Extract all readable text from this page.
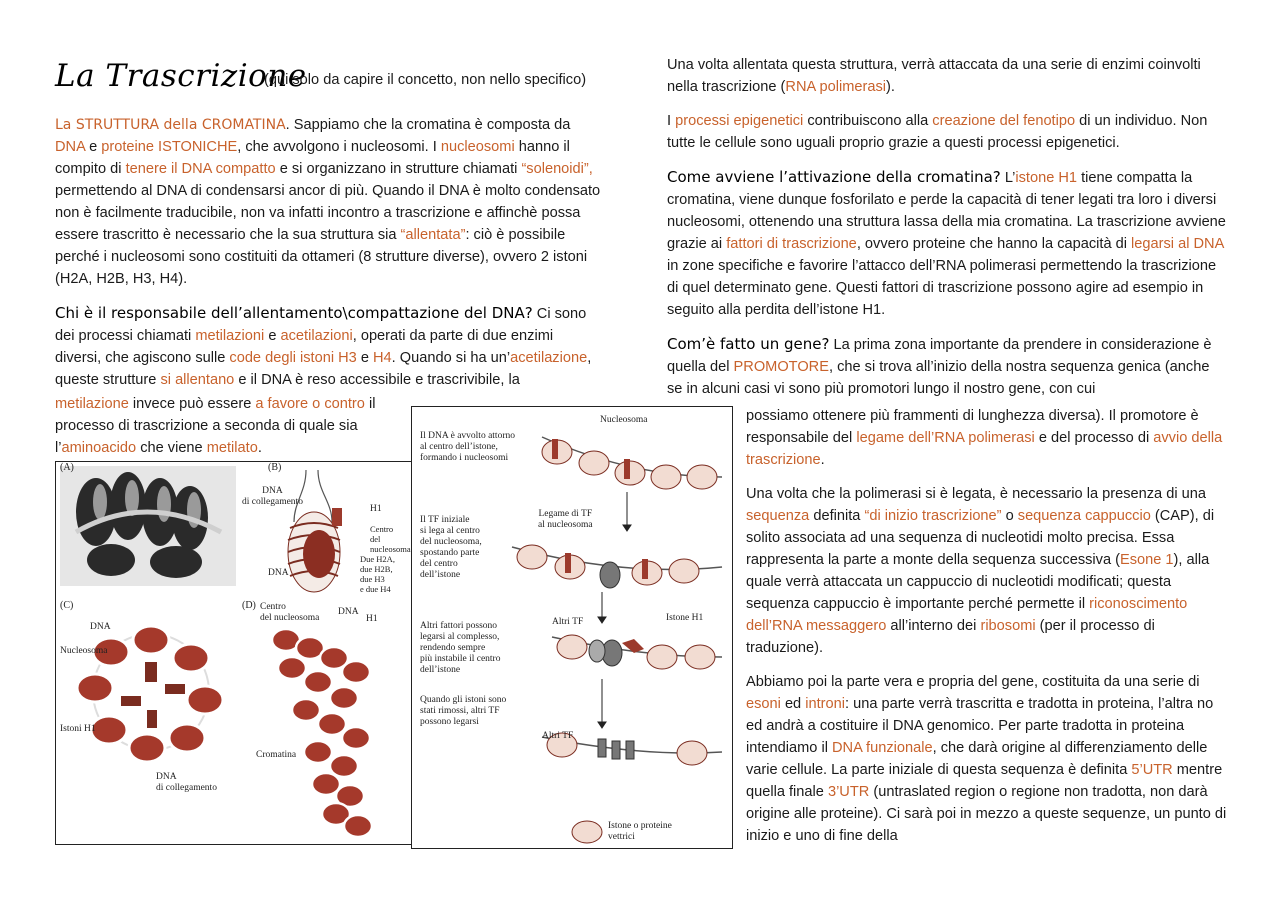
La Trascrizione
(qui solo da capire il concetto, non nello specifico)

La STRUTTURA della CROMATINA. Sappiamo che la cromatina è composta da DNA e proteine ISTONICHE, che avvolgono i nucleosomi. I nucleosomi hanno il compito di tenere il DNA compatto e si organizzano in strutture chiamati “solenoidi”, permettendo al DNA di condensarsi ancor di più. Quando il DNA è molto condensato non è facilmente traducibile, non va infatti incontro a trascrizione e affinchè possa essere trascritto è necessario che la sua struttura sia “allentata”: ciò è possibile perché i nucleosomi sono costituiti da ottameri (8 strutture diverse), ovvero 2 istoni (H2A, H2B, H3, H4).

Chi è il responsabile dell’allentamento\compattazione del DNA? Ci sono dei processi chiamati metilazioni e acetilazioni, operati da parte di due enzimi diversi, che agiscono sulle code degli istoni H3 e H4. Quando si ha un’acetilazione, queste strutture si allentano e il DNA è reso accessibile e trascrivibile, la

metilazione invece può essere a favore o contro il processo di trascrizione a seconda di quale sia l’aminoacido che viene metilato.

Una volta allentata questa struttura, verrà attaccata da una serie di enzimi coinvolti nella trascrizione (RNA polimerasi).

I processi epigenetici contribuiscono alla creazione del fenotipo di un individuo. Non tutte le cellule sono uguali proprio grazie a questi processi epigenetici.

Come avviene l’attivazione della cromatina? L’istone H1 tiene compatta la cromatina, viene dunque fosforilato e perde la capacità di tener legati tra loro i diversi nucleosomi, ottenendo una struttura lassa della mia cromatina. La trascrizione avviene grazie ai fattori di trascrizione, ovvero proteine che hanno la capacità di legarsi al DNA in zone specifiche e favorire l’attacco dell’RNA polimerasi permettendo la trascrizione di quel determinato gene. Questi fattori di trascrizione possono agire ad esempio in seguito alla perdita dell’istone H1.

Com’è fatto un gene? La prima zona importante da prendere in considerazione è quella del PROMOTORE, che si trova all’inizio della nostra sequenza genica (anche se in alcuni casi vi sono più promotori lungo il nostro gene, con cui

possiamo ottenere più frammenti di lunghezza diversa). Il promotore è responsabile del legame dell’RNA polimerasi e del processo di avvio della trascrizione.

Una volta che la polimerasi si è legata, è necessario la presenza di una sequenza definita “di inizio trascrizione” o sequenza cappuccio (CAP), di solito associata ad una sequenza di nucleotidi molto precisa. Essa rappresenta la parte a monte della sequenza successiva (Esone 1), alla quale verrà attaccata un cappuccio di nucleotidi modificati; questa sequenza cappuccio è importante perché permette il riconoscimento dell’RNA messaggero all’interno dei ribosomi (per il processo di traduzione).

Abbiamo poi la parte vera e propria del gene, costituita da una serie di esoni ed introni: una parte verrà trascritta e tradotta in proteina, l’altra no ed andrà a costituire il DNA genomico. Per parte tradotta in proteina intendiamo il DNA funzionale, che darà origine al differenziamento delle varie cellule. La parte iniziale di questa sequenza è definita 5’UTR mentre quella finale 3’UTR (untraslated region o regione non tradotta, non darà origine alle proteine). Ci sarà poi in mezzo a queste sequenze, un punto di inizio e uno di fine della

(A)	(B)
(C)	(D)
DNA
di collegamento
H1
Centro
del
nucleosoma
DNA
Due H2A,
due H2B,
due H3
e due H4
DNA
Nucleosoma
Istoni H1
DNA
di collegamento
Centro
del nucleosoma
DNA
H1
Cromatina
Nucleosoma
Il DNA è avvolto attorno
al centro dell’istone,
formando i nucleosomi
Il TF iniziale
si lega al centro
del nucleosoma,
spostando parte
del centro
dell’istone
Legame di TF
al nucleosoma
Altri fattori possono
legarsi al complesso,
rendendo sempre
più instabile il centro
dell’istone
Altri TF	Istone H1
Quando gli istoni sono
stati rimossi, altri TF
possono legarsi
Altri TF
Istone o proteine
vettrici
